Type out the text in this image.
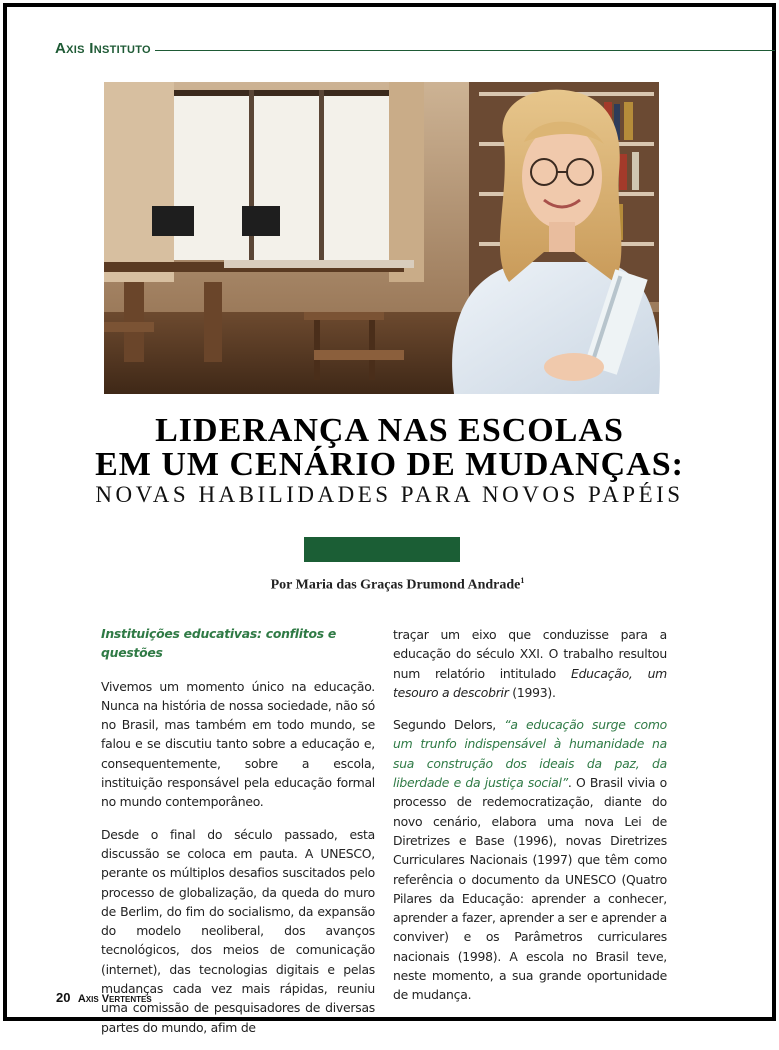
Axis Instituto
LIDERANÇA NAS ESCOLAS
EM UM CENÁRIO DE MUDANÇAS:
NOVAS HABILIDADES PARA NOVOS PAPÉIS
Por Maria das Graças Drumond Andrade$^1$

Instituições educativas: conflitos e questões

Vivemos um momento único na educação. Nunca na história de nossa sociedade, não só no Brasil, mas também em todo mundo, se falou e se discutiu tanto sobre a educação e, consequentemente, sobre a escola, instituição responsável pela educação formal no mundo contemporâneo.

Desde o final do século passado, esta discussão se coloca em pauta. A UNESCO, perante os múltiplos desafios suscitados pelo processo de globalização, da queda do muro de Berlim, do fim do socialismo, da expansão do modelo neoliberal, dos avanços tecnológicos, dos meios de comunicação (internet), das tecnologias digitais e pelas mudanças cada vez mais rápidas, reuniu uma comissão de pesquisadores de diversas partes do mundo, afim de

traçar um eixo que conduzisse para a educação do século XXI. O trabalho resultou num relatório intitulado Educação, um tesouro a descobrir (1993).

Segundo Delors, “a educação surge como um trunfo indispensável à humanidade na sua construção dos ideais da paz, da liberdade e da justiça social”. O Brasil vivia o processo de redemocratização, diante do novo cenário, elabora uma nova Lei de Diretrizes e Base (1996), novas Diretrizes Curriculares Nacionais (1997) que têm como referência o documento da UNESCO (Quatro Pilares da Educação: aprender a conhecer, aprender a fazer, aprender a ser e aprender a conviver) e os Parâmetros curriculares nacionais (1998). A escola no Brasil teve, neste momento, a sua grande oportunidade de mudança.

20 Axis Vertentes
